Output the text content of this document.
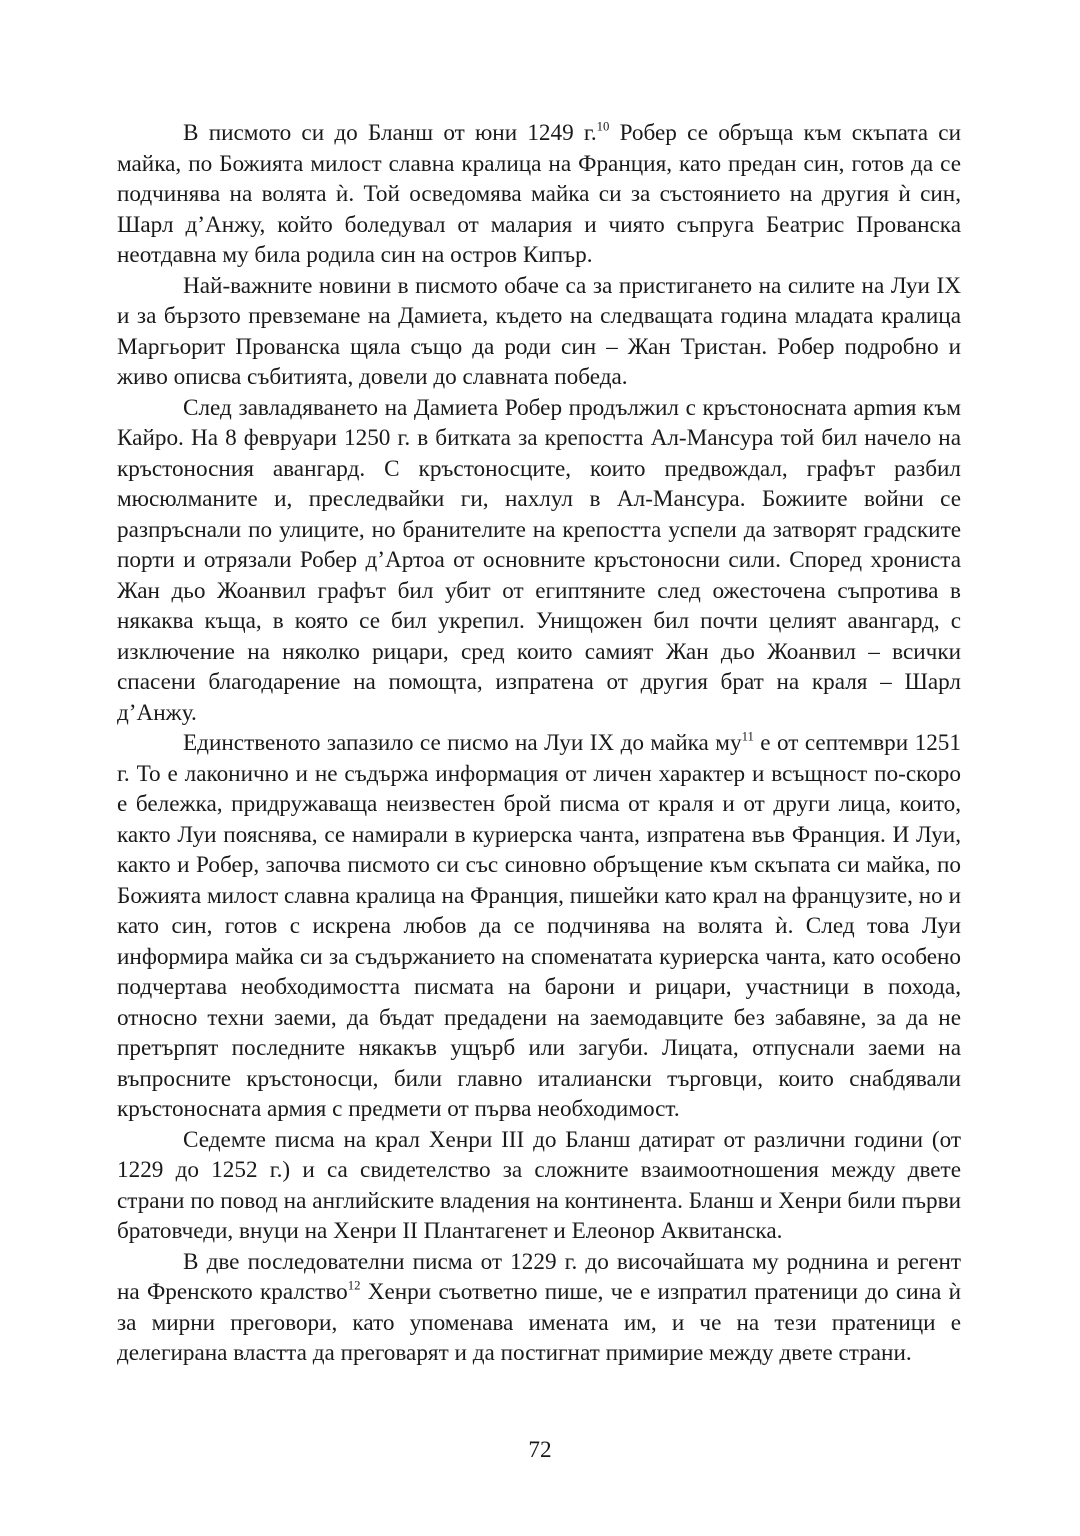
В писмото си до Бланш от юни 1249 г.$^{10}$ Робер се обръща към скъпата си майка, по Божията милост славна кралица на Франция, като предан син, готов да се подчинява на волята ѝ. Той осведомява майка си за състоянието на другия ѝ син, Шарл д’Анжу, който боледувал от малария и чиято съпруга Беатрис Прованска неотдавна му била родила син на остров Кипър.

Най-важните новини в писмото обаче са за пристигането на силите на Луи IX и за бързото превземане на Дамиета, където на следващата година младата кралица Маргьорит Прованска щяла също да роди син – Жан Тристан. Робер подробно и живо описва събитията, довели до славната победа.

След завладяването на Дамиета Робер продължил с кръстоносната арmия към Кайро. На 8 февруари 1250 г. в битката за крепостта Ал-Мансура той бил начело на кръстоносния авангард. С кръстоносците, които предвождал, графът разбил мюсюлманите и, преследвайки ги, нахлул в Ал-Мансура. Божиите войни се разпръснали по улиците, но бранителите на крепостта успели да затворят градските порти и отрязали Робер д’Артоа от основните кръстоносни сили. Според хрониста Жан дьо Жоанвил графът бил убит от египтяните след ожесточена съпротива в някаква къща, в която се бил укрепил. Унищожен бил почти целият авангард, с изключение на няколко рицари, сред които самият Жан дьо Жоанвил – всички спасени благодарение на помощта, изпратена от другия брат на краля – Шарл д’Анжу.

Единственото запазило се писмо на Луи IX до майка $му^{11}$ е от септември 1251 г. То е лаконично и не съдържа информация от личен характер и всъщност по-скоро е бележка, придружаваща неизвестен брой писма от краля и от други лица, които, както Луи пояснява, се намирали в куриерска чанта, изпратена във Франция. И Луи, както и Робер, започва писмото си със синовно обръщение към скъпата си майка, по Божията милост славна кралица на Франция, пишейки като крал на французите, но и като син, готов с искрена любов да се подчинява на волята ѝ. След това Луи информира майка си за съдържанието на споменатата куриерска чанта, като особено подчертава необходимостта писмата на барони и рицари, участници в похода, относно техни заеми, да бъдат предадени на заемодавците без забавяне, за да не претърпят последните някакъв ущърб или загуби. Лицата, отпуснали заеми на въпросните кръстоносци, били главно италиански търговци, които снабдявали кръстоносната армия с предмети от първа необходимост.

Седемте писма на крал Хенри III до Бланш датират от различни години (от 1229 до 1252 г.) и са свидетелство за сложните взаимоотношения между двете страни по повод на английските владения на континента. Бланш и Хенри били първи братовчеди, внуци на Хенри II Плантагенет и Елеонор Аквитанска.

В две последователни писма от 1229 г. до височайшата му роднина и регент на Френското кралство$^{12}$ Хенри съответно пише, че е изпратил пратеници до сина ѝ за мирни преговори, като упоменава имената им, и че на тези пратеници е делегирана властта да преговарят и да постигнат примирие между двете страни.

72
